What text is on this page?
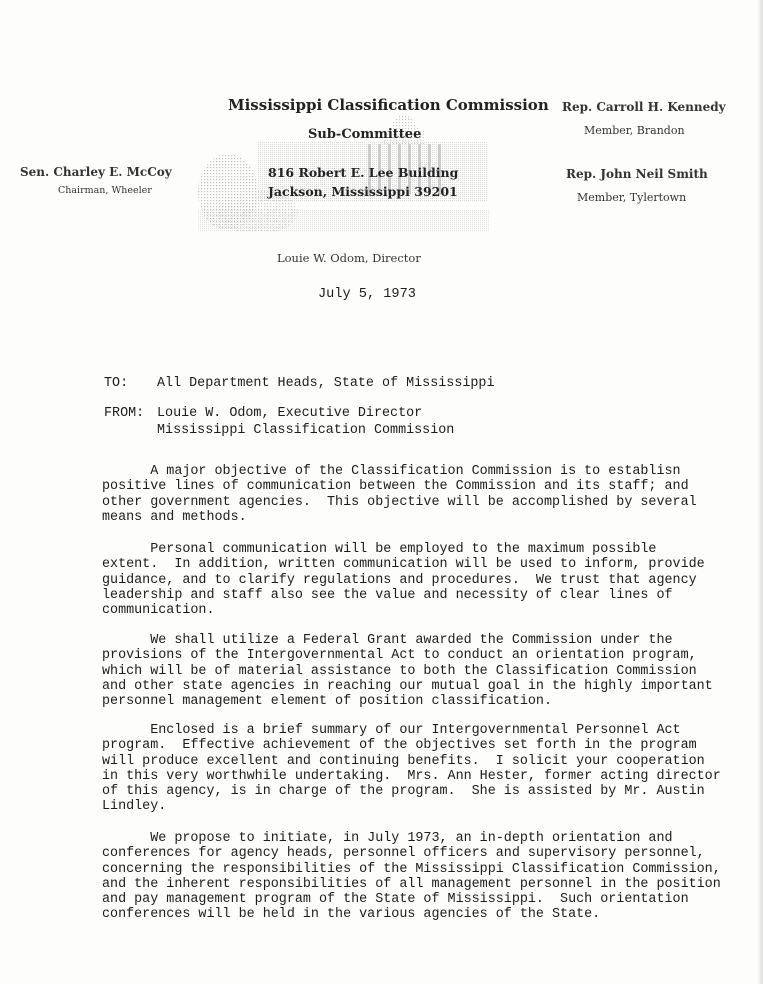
Mississippi Classification Commission
Sub-Committee
816 Robert E. Lee Building
Jackson, Mississippi 39201
Louie W. Odom, Director
Sen. Charley E. McCoy
Chairman, Wheeler
Rep. Carroll H. Kennedy
Member, Brandon
Rep. John Neil Smith
Member, Tylertown
July 5, 1973
TO: All Department Heads, State of Mississippi
FROM: Louie W. Odom, Executive Director
Mississippi Classification Commission
A major objective of the Classification Commission is to establisn
positive lines of communication between the Commission and its staff; and
other government agencies.  This objective will be accomplished by several
means and methods.
Personal communication will be employed to the maximum possible
extent.  In addition, written communication will be used to inform, provide
guidance, and to clarify regulations and procedures.  We trust that agency
leadership and staff also see the value and necessity of clear lines of
communication.
We shall utilize a Federal Grant awarded the Commission under the
provisions of the Intergovernmental Act to conduct an orientation program,
which will be of material assistance to both the Classification Commission
and other state agencies in reaching our mutual goal in the highly important
personnel management element of position classification.
Enclosed is a brief summary of our Intergovernmental Personnel Act
program.  Effective achievement of the objectives set forth in the program
will produce excellent and continuing benefits.  I solicit your cooperation
in this very worthwhile undertaking.  Mrs. Ann Hester, former acting director
of this agency, is in charge of the program.  She is assisted by Mr. Austin
Lindley.
We propose to initiate, in July 1973, an in-depth orientation and
conferences for agency heads, personnel officers and supervisory personnel,
concerning the responsibilities of the Mississippi Classification Commission,
and the inherent responsibilities of all management personnel in the position
and pay management program of the State of Mississippi.  Such orientation
conferences will be held in the various agencies of the State.
